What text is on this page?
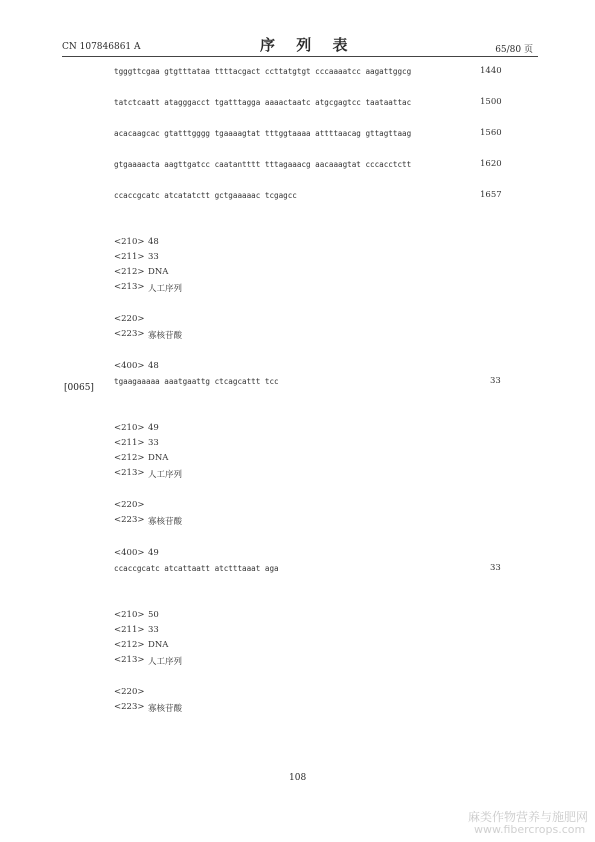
CN 107846861 A	序 列 表	65/80 页
tgggttcgaa gtgtttataa ttttacgact ccttatgtgt cccaaaatcc aagattggcg	1440
tatctcaatt atagggacct tgatttagga aaaactaatc atgcgagtcc taataattac	1500
acacaagcac gtatttgggg tgaaaagtat tttggtaaaa attttaacag gttagttaag	1560
gtgaaaacta aagttgatcc caatantttt tttagaaacg aacaaagtat cccacctctt	1620
ccaccgcatc atcatatctt gctgaaaaac tcgagcc	1657
<210> 48
<211> 33
<212> DNA
<213> 人工序列
<220>
<223> 寡核苷酸
<400> 48
tgaagaaaaa aaatgaattg ctcagcattt tcc	33
[0065]
<210> 49
<211> 33
<212> DNA
<213> 人工序列
<220>
<223> 寡核苷酸
<400> 49
ccaccgcatc atcattaatt atctttaaat aga	33
<210> 50
<211> 33
<212> DNA
<213> 人工序列
<220>
<223> 寡核苷酸
108
麻类作物营养与施肥网
www.fibercrops.com
